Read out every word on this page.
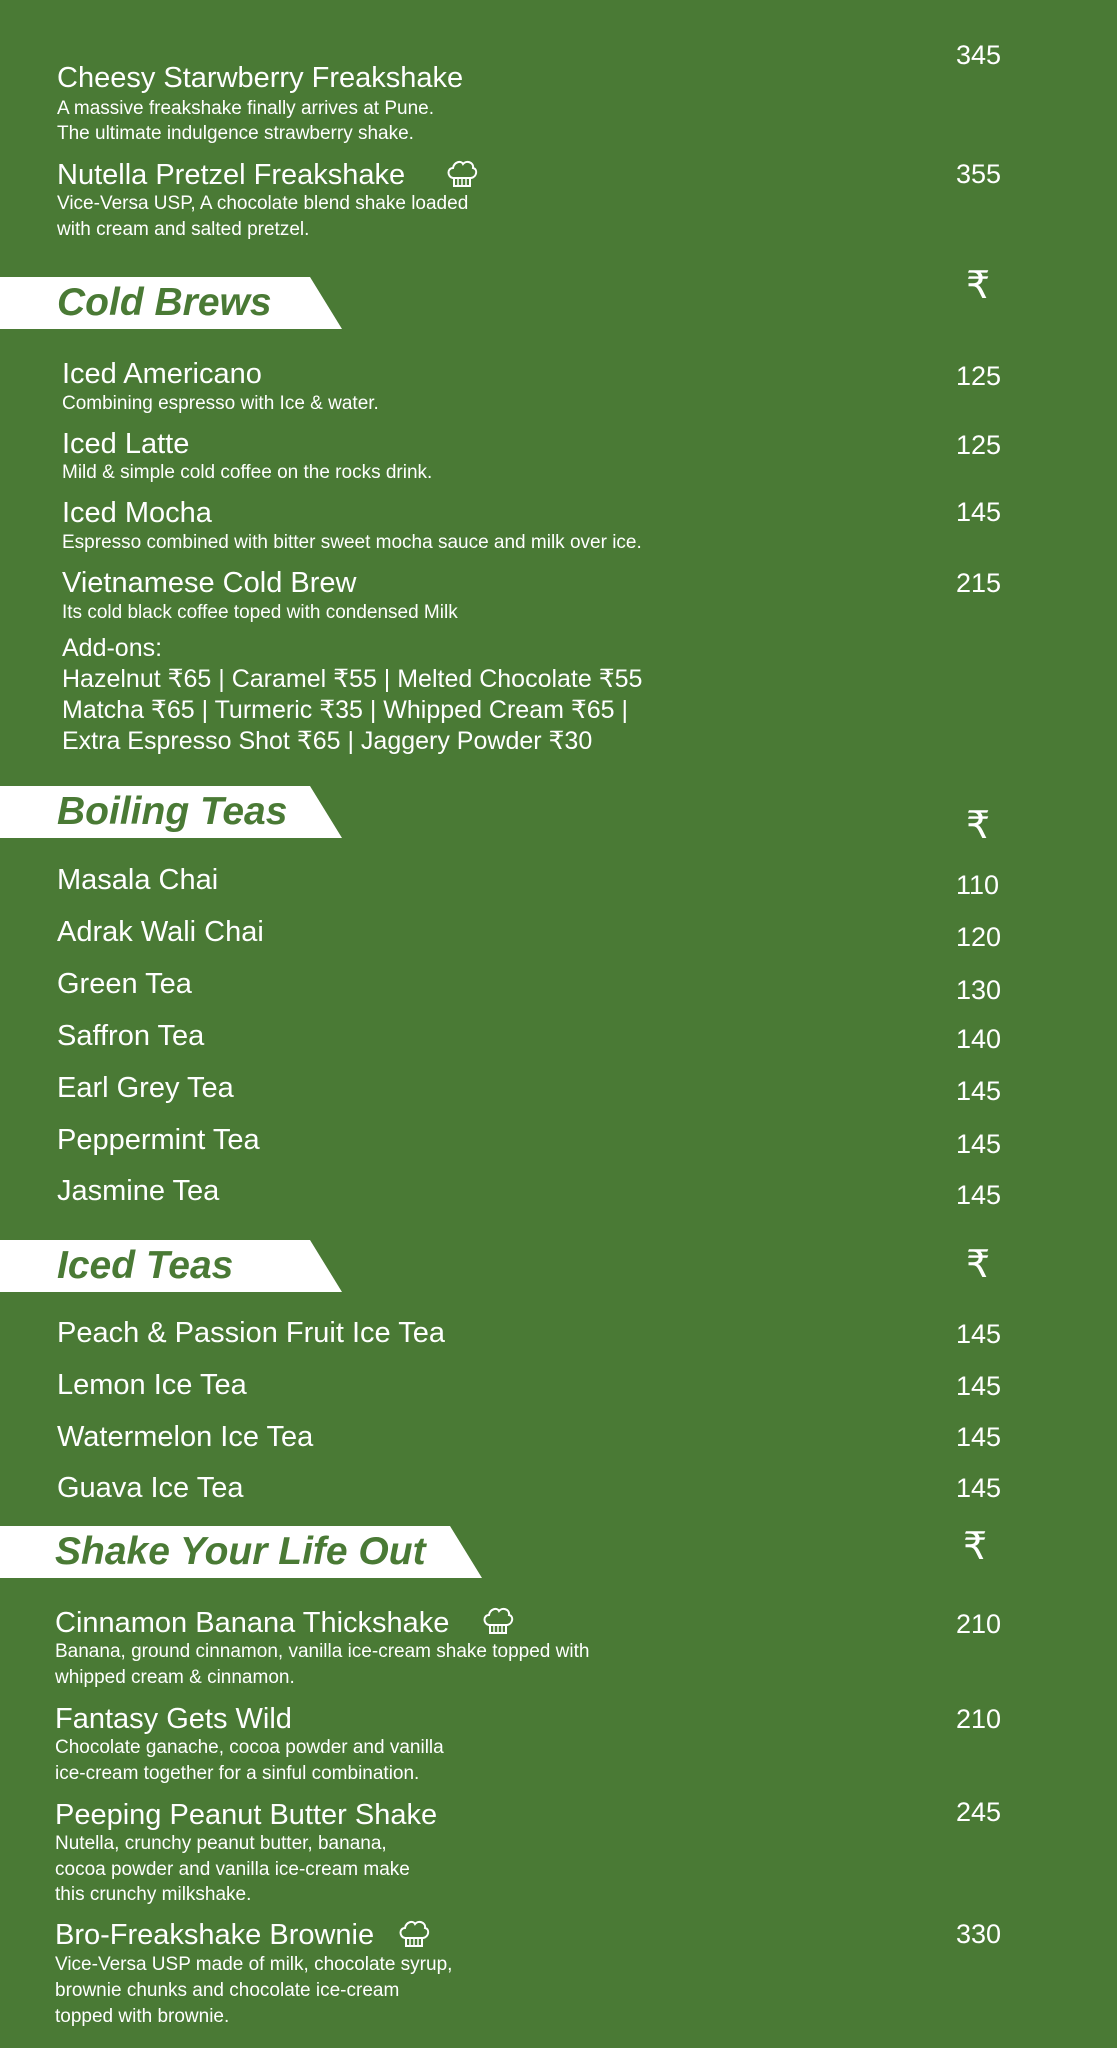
Cheesy Starwberry Freakshake
A massive freakshake finally arrives at Pune.
The ultimate indulgence strawberry shake.
345
Nutella Pretzel Freakshake
Vice-Versa USP, A chocolate blend shake loaded
with cream and salted pretzel.
355
Cold Brews	₹
Iced Americano
Combining espresso with Ice & water.
125
Iced Latte
Mild & simple cold coffee on the rocks drink.
125
Iced Mocha
Espresso combined with bitter sweet mocha sauce and milk over ice.
145
Vietnamese Cold Brew
Its cold black coffee toped with condensed Milk
215
Add-ons:
Hazelnut ₹65 | Caramel ₹55 | Melted Chocolate ₹55
Matcha ₹65 | Turmeric ₹35 | Whipped Cream ₹65 |
Extra Espresso Shot ₹65 | Jaggery Powder ₹30
Boiling Teas	₹
Masala Chai	110
Adrak Wali Chai	120
Green Tea	130
Saffron Tea	140
Earl Grey Tea	145
Peppermint Tea	145
Jasmine Tea	145
Iced Teas	₹
Peach & Passion Fruit Ice Tea	145
Lemon Ice Tea	145
Watermelon Ice Tea	145
Guava Ice Tea	145
Shake Your Life Out	₹
Cinnamon Banana Thickshake
Banana, ground cinnamon, vanilla ice-cream shake topped with
whipped cream & cinnamon.
210
Fantasy Gets Wild
Chocolate ganache, cocoa powder and vanilla
ice-cream together for a sinful combination.
210
Peeping Peanut Butter Shake
Nutella, crunchy peanut butter, banana,
cocoa powder and vanilla ice-cream make
this crunchy milkshake.
245
Bro-Freakshake Brownie
Vice-Versa USP made of milk, chocolate syrup,
brownie chunks and chocolate ice-cream
topped with brownie.
330
